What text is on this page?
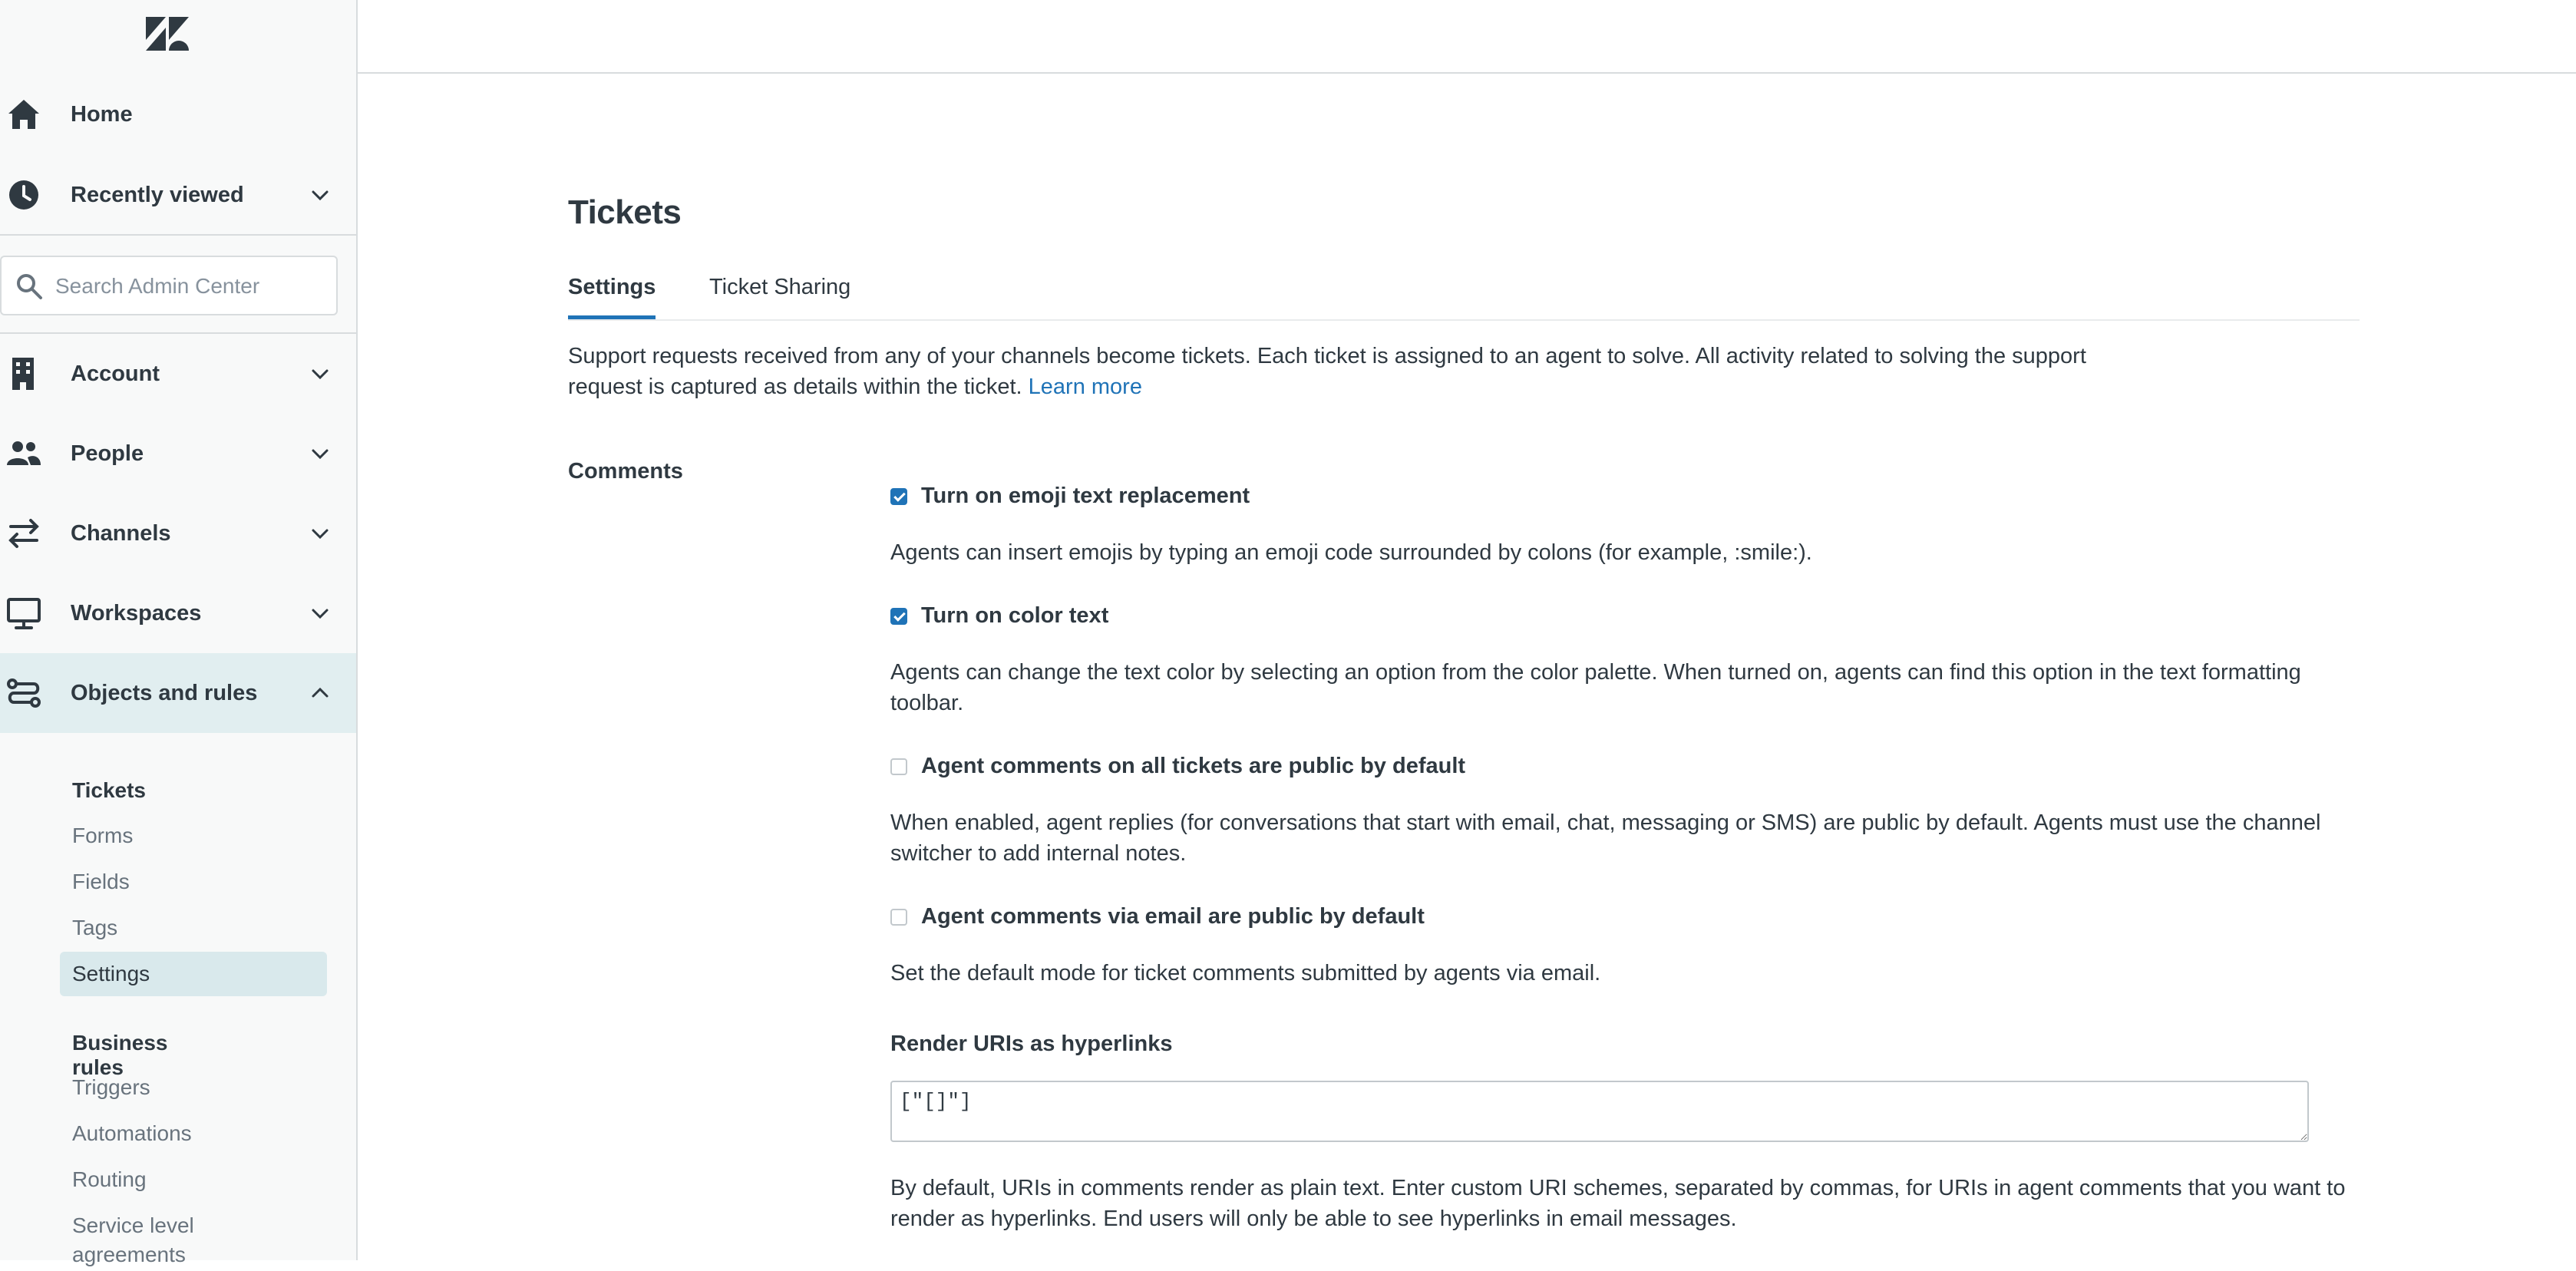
Home
Recently viewed
Search Admin Center
Account
People
Channels
Workspaces
Objects and rules
Tickets
Forms
Fields
Tags
Settings
Business rules
Triggers
Automations
Routing
Service level agreements
Tickets
Settings Ticket Sharing
Support requests received from any of your channels become tickets. Each ticket is assigned to an agent to solve. All activity related to solving the support request is captured as details within the ticket. Learn more
Comments
Turn on emoji text replacement
Agents can insert emojis by typing an emoji code surrounded by colons (for example, :smile:).
Turn on color text
Agents can change the text color by selecting an option from the color palette. When turned on, agents can find this option in the text formatting toolbar.
Agent comments on all tickets are public by default
When enabled, agent replies (for conversations that start with email, chat, messaging or SMS) are public by default. Agents must use the channel switcher to add internal notes.
Agent comments via email are public by default
Set the default mode for ticket comments submitted by agents via email.
Render URIs as hyperlinks
["[]"]
By default, URIs in comments render as plain text. Enter custom URI schemes, separated by commas, for URIs in agent comments that you want to render as hyperlinks. End users will only be able to see hyperlinks in email messages.
